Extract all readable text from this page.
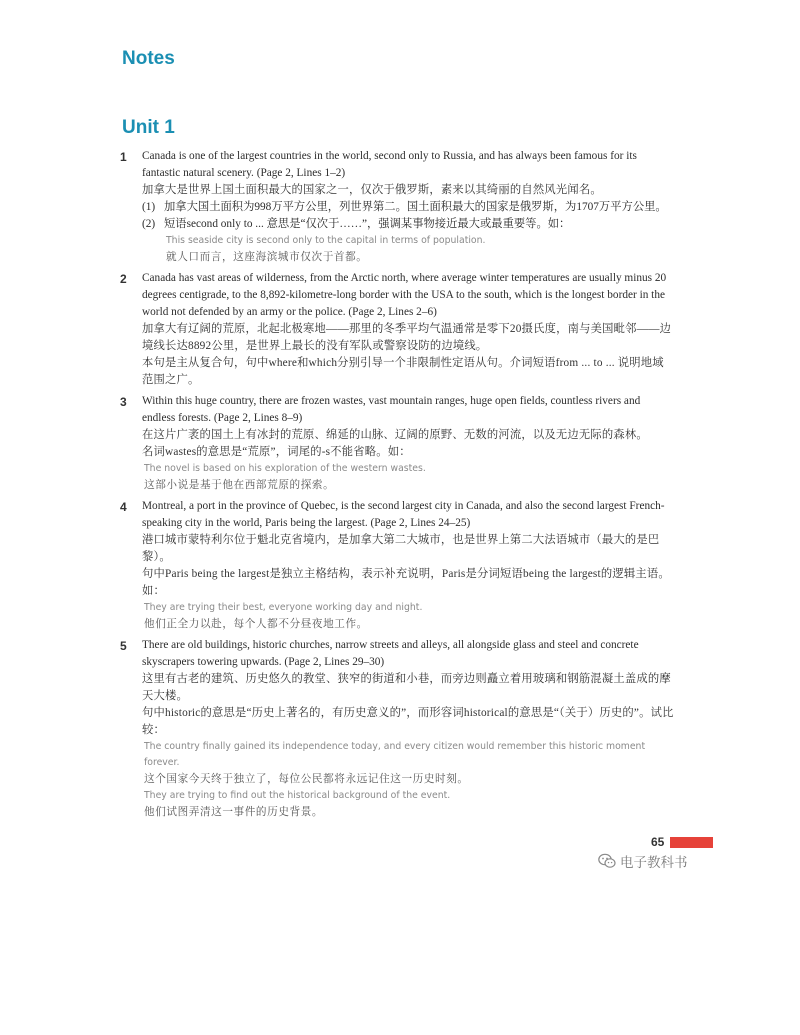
Notes
Unit 1
1 Canada is one of the largest countries in the world, second only to Russia, and has always been famous for its fantastic natural scenery. (Page 2, Lines 1–2)

加拿大是世界上国土面积最大的国家之一，仅次于俄罗斯，素来以其绮丽的自然风光闻名。

(1) 加拿大国土面积为998万平方公里，列世界第二。国土面积最大的国家是俄罗斯，为1707万平方公里。

(2) 短语second only to ... 意思是“仅次于……”，强调某事物接近最大或最重要等。如：

This seaside city is second only to the capital in terms of population.

就人口而言，这座海滨城市仅次于首都。

2 Canada has vast areas of wilderness, from the Arctic north, where average winter temperatures are usually minus 20 degrees centigrade, to the 8,892-kilometre-long border with the USA to the south, which is the longest border in the world not defended by an army or the police. (Page 2, Lines 2–6)

加拿大有辽阔的荒原，北起北极寒地——那里的冬季平均气温通常是零下20摄氏度，南与美国毗邻——边境线长达8892公里，是世界上最长的没有军队或警察设防的边境线。

本句是主从复合句，句中where和which分别引导一个非限制性定语从句。介词短语from ... to ... 说明地域范围之广。

3 Within this huge country, there are frozen wastes, vast mountain ranges, huge open fields, countless rivers and endless forests. (Page 2, Lines 8–9)

在这片广袤的国土上有冰封的荒原、绵延的山脉、辽阔的原野、无数的河流，以及无边无际的森林。

名词wastes的意思是“荒原”，词尾的-s不能省略。如：

The novel is based on his exploration of the western wastes.

这部小说是基于他在西部荒原的探索。

4 Montreal, a port in the province of Quebec, is the second largest city in Canada, and also the second largest French-speaking city in the world, Paris being the largest. (Page 2, Lines 24–25)

港口城市蒙特利尔位于魁北克省境内，是加拿大第二大城市，也是世界上第二大法语城市（最大的是巴黎）。

句中Paris being the largest是独立主格结构，表示补充说明，Paris是分词短语being the largest的逻辑主语。如：

They are trying their best, everyone working day and night.

他们正全力以赴，每个人都不分昼夜地工作。

5 There are old buildings, historic churches, narrow streets and alleys, all alongside glass and steel and concrete skyscrapers towering upwards. (Page 2, Lines 29–30)

这里有古老的建筑、历史悠久的教堂、狭窄的街道和小巷，而旁边则矗立着用玻璃和钢筋混凝土盖成的摩天大楼。

句中historic的意思是“历史上著名的，有历史意义的”，而形容词historical的意思是“（关于）历史的”。试比较：

The country finally gained its independence today, and every citizen would remember this historic moment forever.

这个国家今天终于独立了，每位公民都将永远记住这一历史时刻。

They are trying to find out the historical background of the event.

他们试图弄清这一事件的历史背景。

65
电子教科书
